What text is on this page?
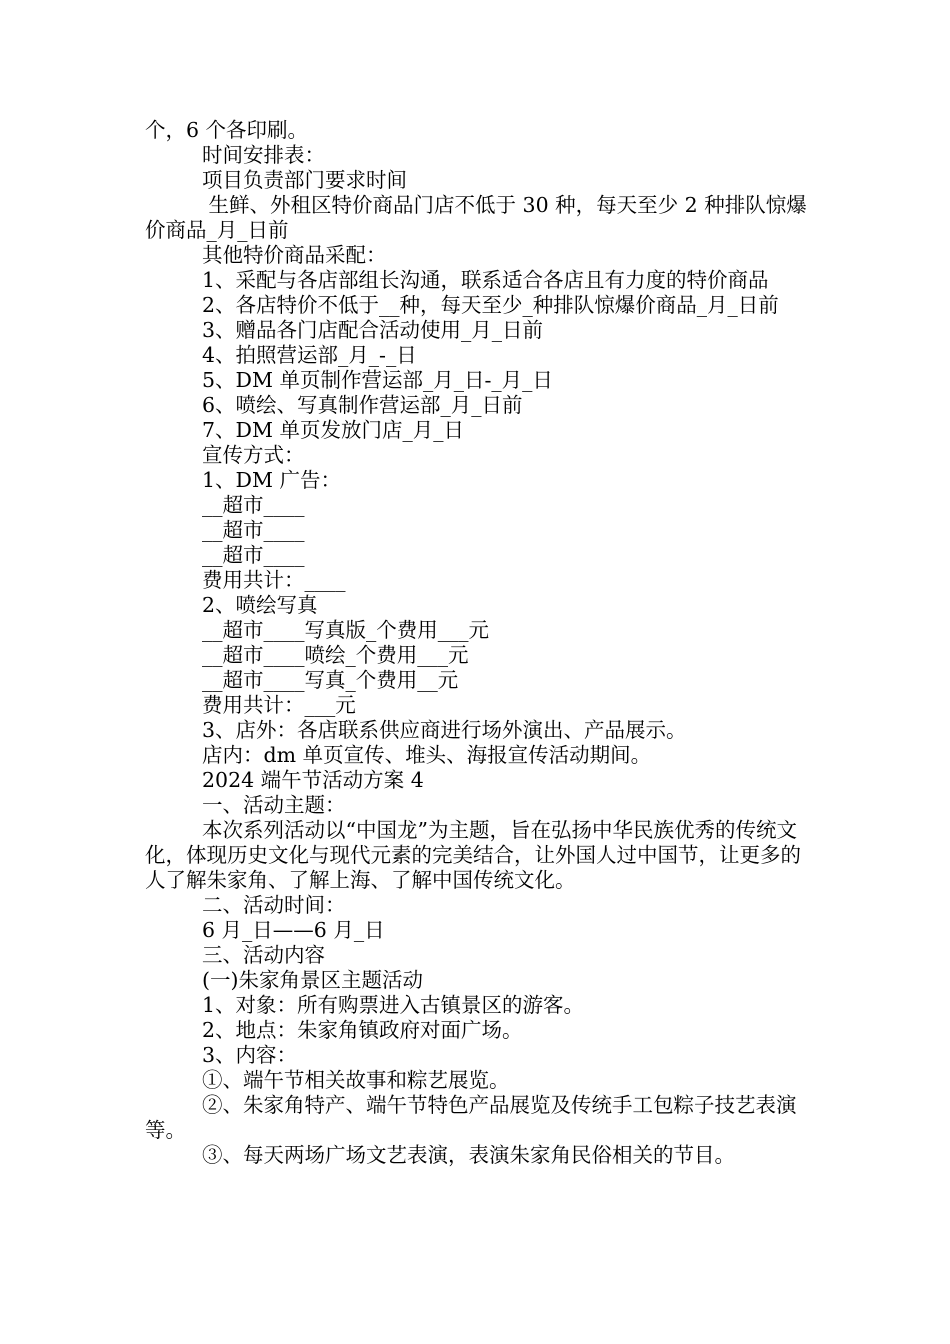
个，6 个各印刷。

时间安排表：

项目负责部门要求时间

生鲜、外租区特价商品门店不低于 30 种，每天至少 2 种排队惊爆价商品_月_日前

其他特价商品采配：

1、采配与各店部组长沟通，联系适合各店且有力度的特价商品

2、各店特价不低于__种，每天至少_种排队惊爆价商品_月_日前

3、赠品各门店配合活动使用_月_日前

4、拍照营运部_月_-_日

5、DM 单页制作营运部_月_日-_月_日

6、喷绘、写真制作营运部_月_日前

7、DM 单页发放门店_月_日

宣传方式：

1、DM 广告：

__超市____

__超市____

__超市____

费用共计：____

2、喷绘写真

__超市____写真版_个费用___元

__超市____喷绘_个费用___元

__超市____写真_个费用__元

费用共计：___元

3、店外：各店联系供应商进行场外演出、产品展示。

店内：dm 单页宣传、堆头、海报宣传活动期间。

2024 端午节活动方案 4

一、活动主题：

本次系列活动以“中国龙”为主题，旨在弘扬中华民族优秀的传统文化，体现历史文化与现代元素的完美结合，让外国人过中国节，让更多的人了解朱家角、了解上海、了解中国传统文化。

二、活动时间：

6 月_日——6 月_日

三、活动内容

(一)朱家角景区主题活动

1、对象：所有购票进入古镇景区的游客。

2、地点：朱家角镇政府对面广场。

3、内容：

①、端午节相关故事和粽艺展览。

②、朱家角特产、端午节特色产品展览及传统手工包粽子技艺表演等。

③、每天两场广场文艺表演，表演朱家角民俗相关的节目。
